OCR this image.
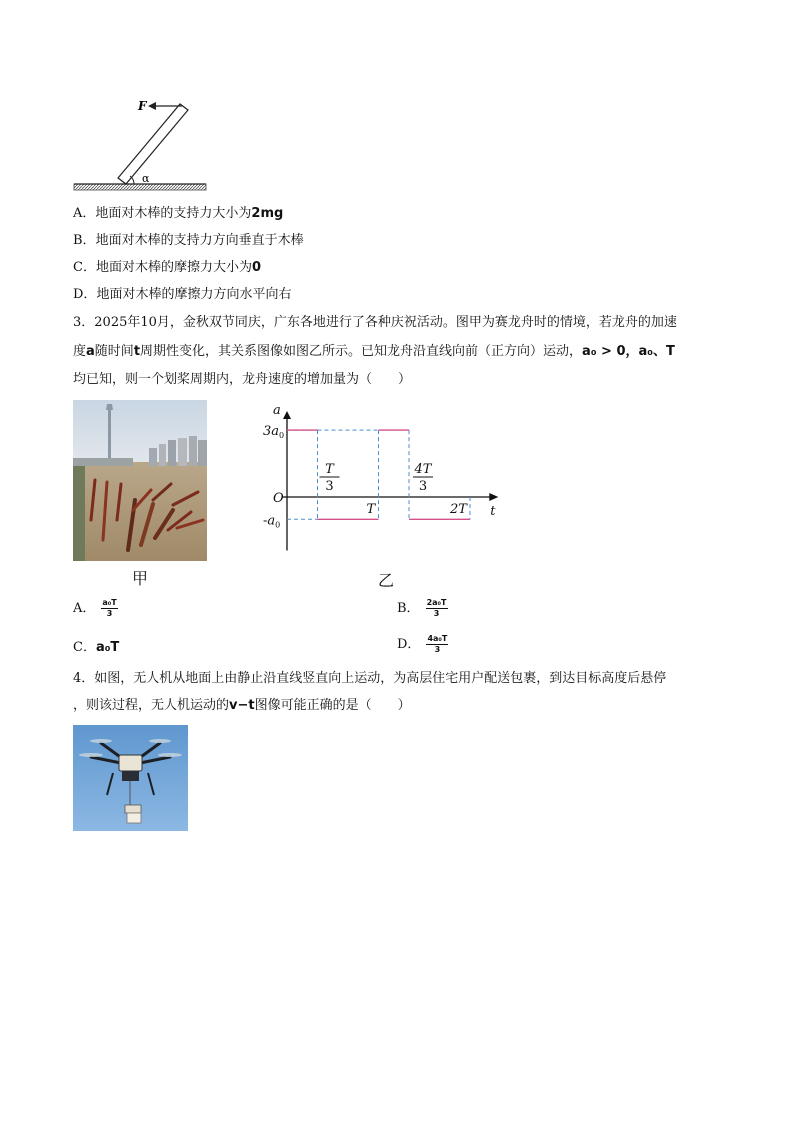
F
α
A．地面对木棒的支持力大小为2mg
B．地面对木棒的支持力方向垂直于木棒
C．地面对木棒的摩擦力大小为0
D．地面对木棒的摩擦力方向水平向右
3．2025年10月，金秋双节同庆，广东各地进行了各种庆祝活动。图甲为赛龙舟时的情境，若龙舟的加速
度a随时间t周期性变化，其关系图像如图乙所示。已知龙舟沿直线向前（正方向）运动，a₀ > 0，a₀、T
均已知，则一个划桨周期内，龙舟速度的增加量为（　　）
a
t
O
$3a_0$
$-a_0$
T
3
4T
3
T	2T
甲	乙
A． $\frac{\text{a₀T}}{3}$	B． $\frac{\text{2a₀T}}{3}$
C．a₀T	D． $\frac{\text{4a₀T}}{3}$
4．如图，无人机从地面上由静止沿直线竖直向上运动，为高层住宅用户配送包裹，到达目标高度后悬停
，则该过程，无人机运动的v−t图像可能正确的是（　　）
